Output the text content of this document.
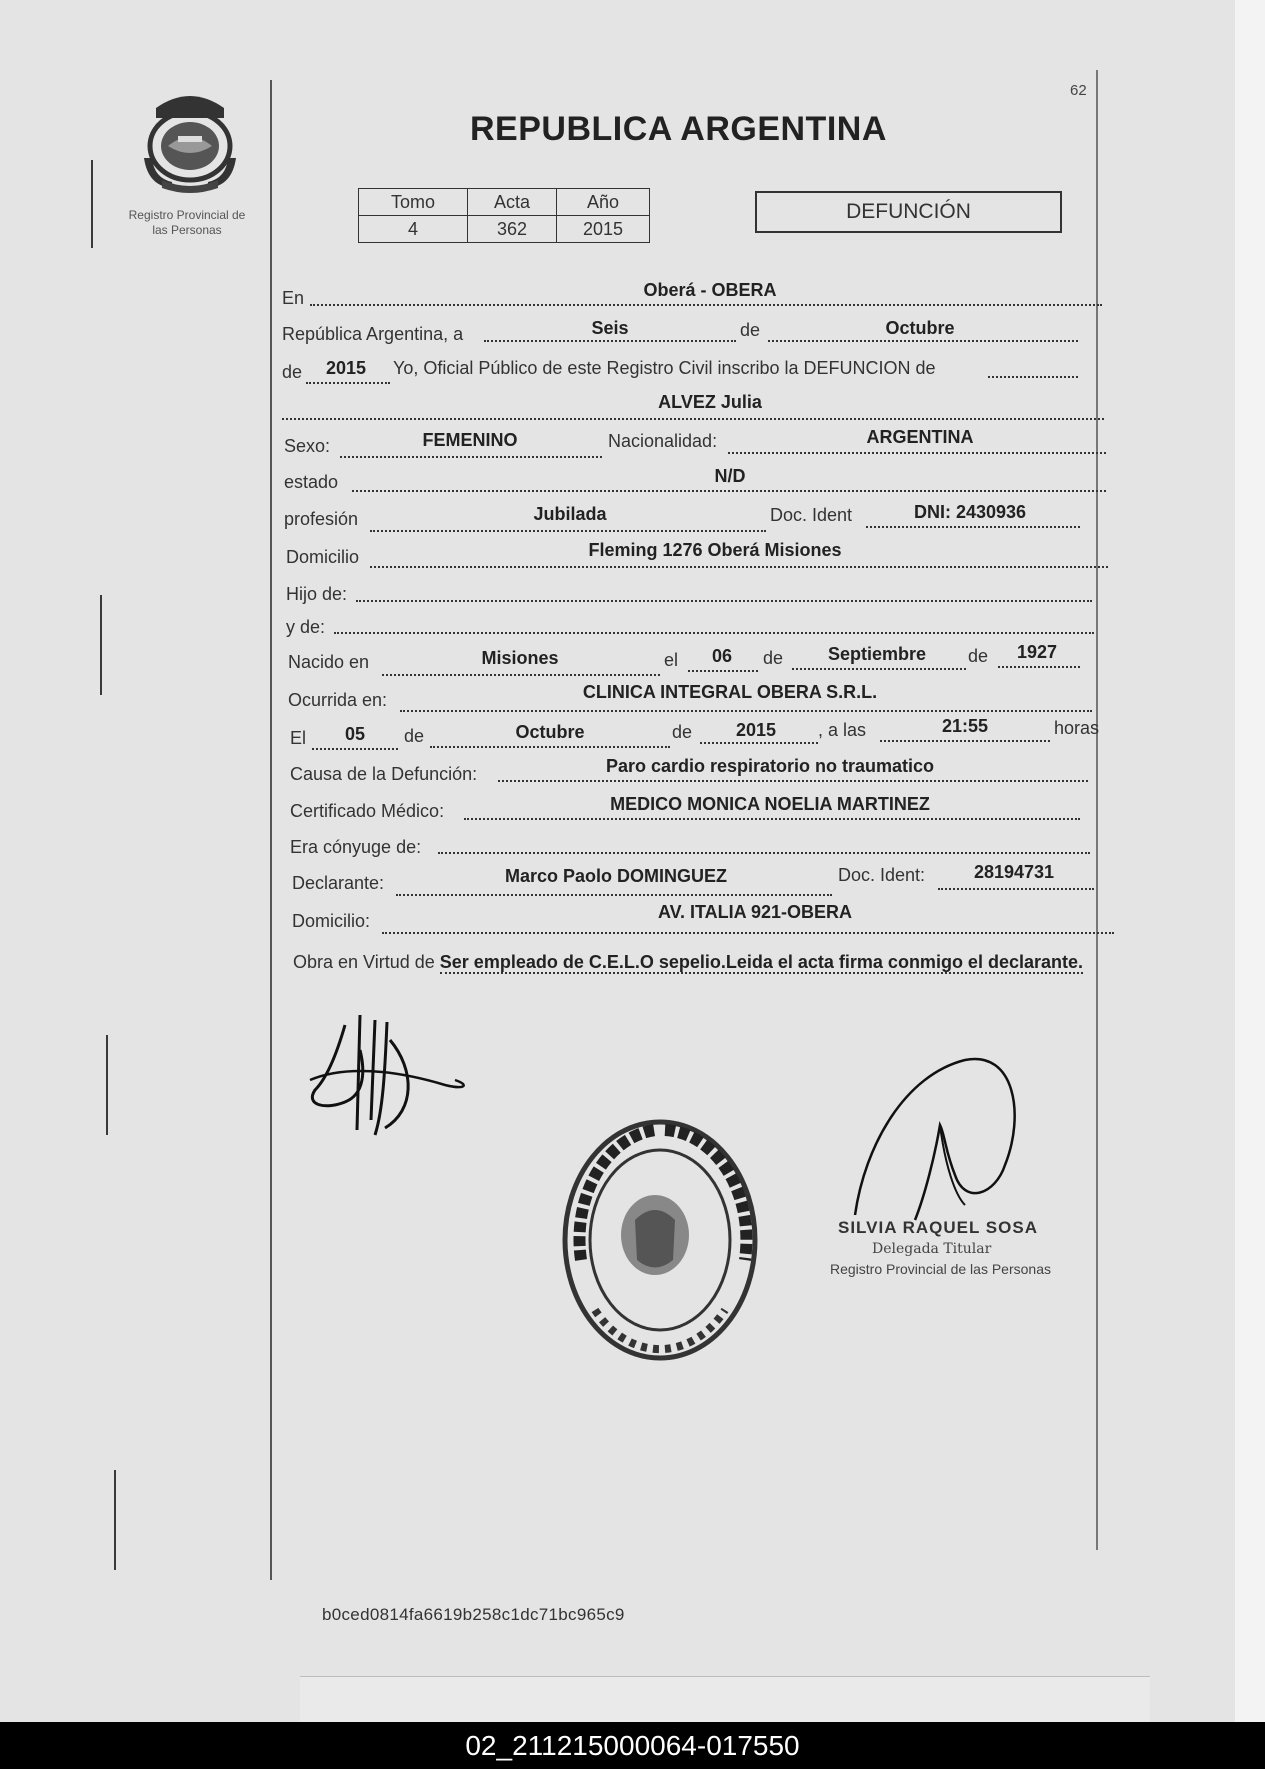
Registro Provincial de
las Personas
62
REPUBLICA ARGENTINA
Tomo	Acta	Año
4	362	2015
DEFUNCIÓN
En	Oberá - OBERA
República Argentina, a	Seis	de	Octubre
de	2015	Yo, Oficial Público de este Registro Civil inscribo la DEFUNCION de
ALVEZ Julia
Sexo:	FEMENINO	Nacionalidad:	ARGENTINA
estado	N/D
profesión	Jubilada	Doc. Ident	DNI: 2430936
Domicilio	Fleming 1276 Oberá Misiones
Hijo de:
y de:
Nacido en	Misiones	el	06	de	Septiembre	de	1927
Ocurrida en:	CLINICA INTEGRAL OBERA S.R.L.
El	05	de	Octubre	de	2015	, a las	21:55	horas
Causa de la Defunción:	Paro cardio respiratorio no traumatico
Certificado Médico:	MEDICO MONICA NOELIA MARTINEZ
Era cónyuge de:
Declarante:	Marco Paolo DOMINGUEZ	Doc. Ident:	28194731
Domicilio:	AV. ITALIA 921-OBERA
Obra en Virtud de Ser empleado de C.E.L.O sepelio.Leida el acta firma conmigo el declarante.
SILVIA RAQUEL SOSA
Delegada Titular
Registro Provincial de las Personas
b0ced0814fa6619b258c1dc71bc965c9
02_211215000064-017550
